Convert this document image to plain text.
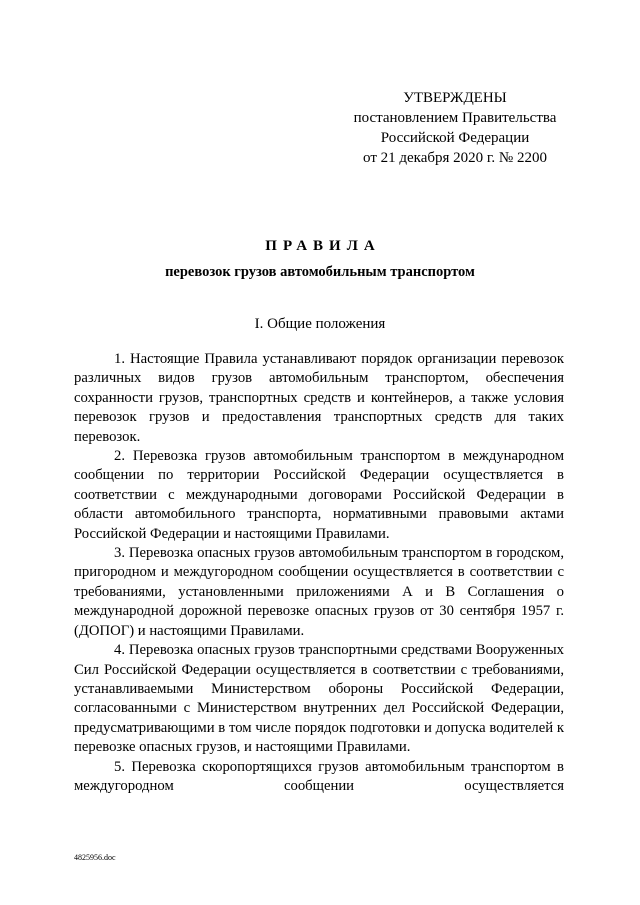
УТВЕРЖДЕНЫ
постановлением Правительства
Российской Федерации
от 21 декабря 2020 г. № 2200
ПРАВИЛА
перевозок грузов автомобильным транспортом
I. Общие положения

1. Настоящие Правила устанавливают порядок организации перевозок различных видов грузов автомобильным транспортом, обеспечения сохранности грузов, транспортных средств и контейнеров, а также условия перевозок грузов и предоставления транспортных средств для таких перевозок.

2. Перевозка грузов автомобильным транспортом в международном сообщении по территории Российской Федерации осуществляется в соответствии с международными договорами Российской Федерации в области автомобильного транспорта, нормативными правовыми актами Российской Федерации и настоящими Правилами.

3. Перевозка опасных грузов автомобильным транспортом в городском, пригородном и междугородном сообщении осуществляется в соответствии с требованиями, установленными приложениями А и В Соглашения о международной дорожной перевозке опасных грузов от 30 сентября 1957 г. (ДОПОГ) и настоящими Правилами.

4. Перевозка опасных грузов транспортными средствами Вооруженных Сил Российской Федерации осуществляется в соответствии с требованиями, устанавливаемыми Министерством обороны Российской Федерации, согласованными с Министерством внутренних дел Российской Федерации, предусматривающими в том числе порядок подготовки и допуска водителей к перевозке опасных грузов, и настоящими Правилами.

5. Перевозка скоропортящихся грузов автомобильным транспортом в междугородном сообщении осуществляется

4825956.doc
